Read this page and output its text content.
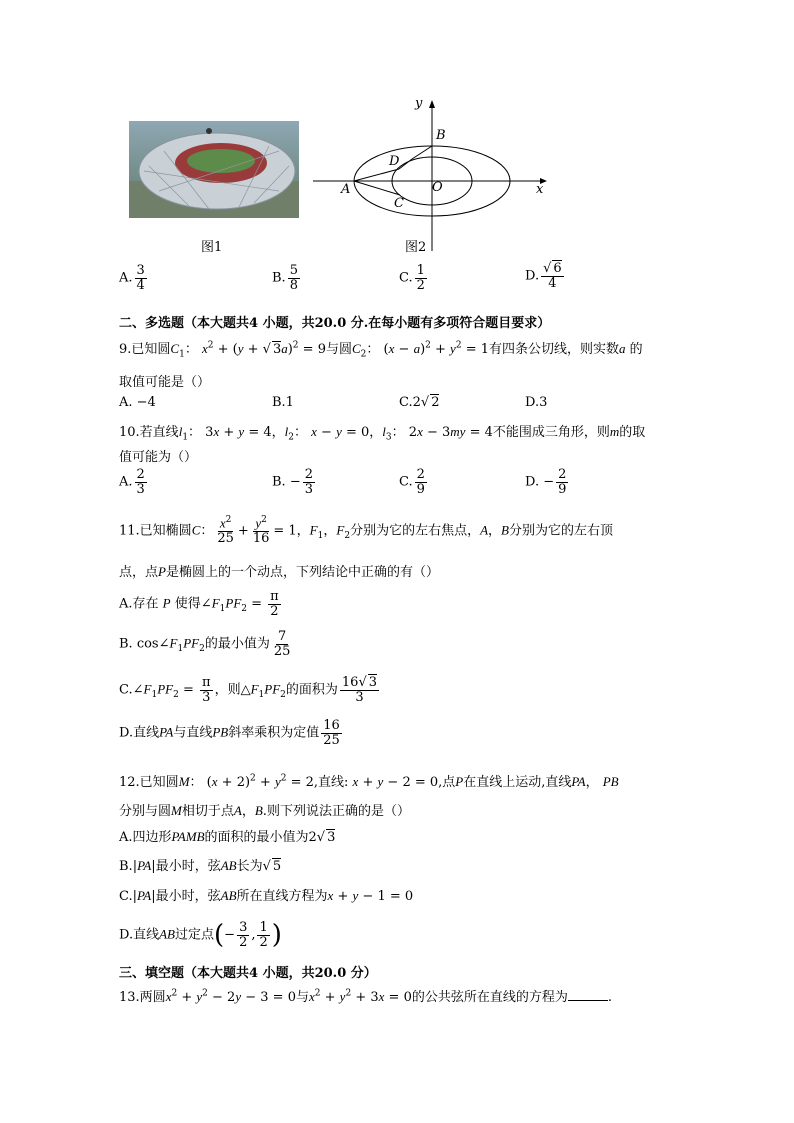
图1
y
B
D
A	O
C
x
图2
A. $\frac{3}{4}$	B. $\frac{5}{8}$	C. $\frac{1}{2}$	D. $\frac{√ 6}{4}$
二、多选题（本大题共4 小题，共20.0 分.在每小题有多项符合题目要求）
9.已知圆$C_1$： $x^2 + (y$ + √ 3a)$^2$ = 9与圆$C_2$： $(x - a)^2 + y^2 = 1$有四条公切线，则实数a 的
取值可能是（）
A. −4	B.1	C.2√ 2	D.3
10.若直线$l_1$： 3x + y = 4，$l_2$： x − y = 0，$l_3$： 2x − 3my = 4不能围成三角形，则m的取
值可能为（）
A. $\frac{2}{3}$	B. − $\frac{2}{3}$	C. $\frac{2}{9}$	D. − $\frac{2}{9}$
11.已知椭圆C： $\frac{x^2}{25} + \frac{y^2}{16} = 1$，$F_1$，$F_2$分别为它的左右焦点，A，B分别为它的左右顶
点，点P是椭圆上的一个动点，下列结论中正确的有（）
A.存在 P 使得$\angle F_1PF_2 = \frac{\pi}{2}$
B. $\cos\angle F_1PF_2$的最小值为 $\frac{7}{25}$
$C.\angle F_1PF_2 = \frac{\pi}{3}$ ，则$\triangle F_1PF_2$的面积为 $\frac{16√ 3}{3}$
D.直线PA与直线PB斜率乘积为定值 $\frac{16}{25}$
12.已知圆M： $(x + 2)^2 + y^2 = 2$,直线: x + y − 2 = 0,点P在直线上运动,直线PA， PB
分别与圆M相切于点A，B.则下列说法正确的是（）
A.四边形PAMB的面积的最小值为2√ 3
B.|PA|最小时，弦AB长为√ 5
C.|PA|最小时，弦AB所在直线方程为x + y − 1 = 0
D.直线AB过定点(− $\frac{3}{2}$ , $\frac{1}{2}$ )
三、填空题（本大题共4 小题，共20.0 分）
13.两圆$x^2 + y^2 - 2y - 3 = 0$与$x^2 + y^2 + 3x = 0$的公共弦所在直线的方程为	.
